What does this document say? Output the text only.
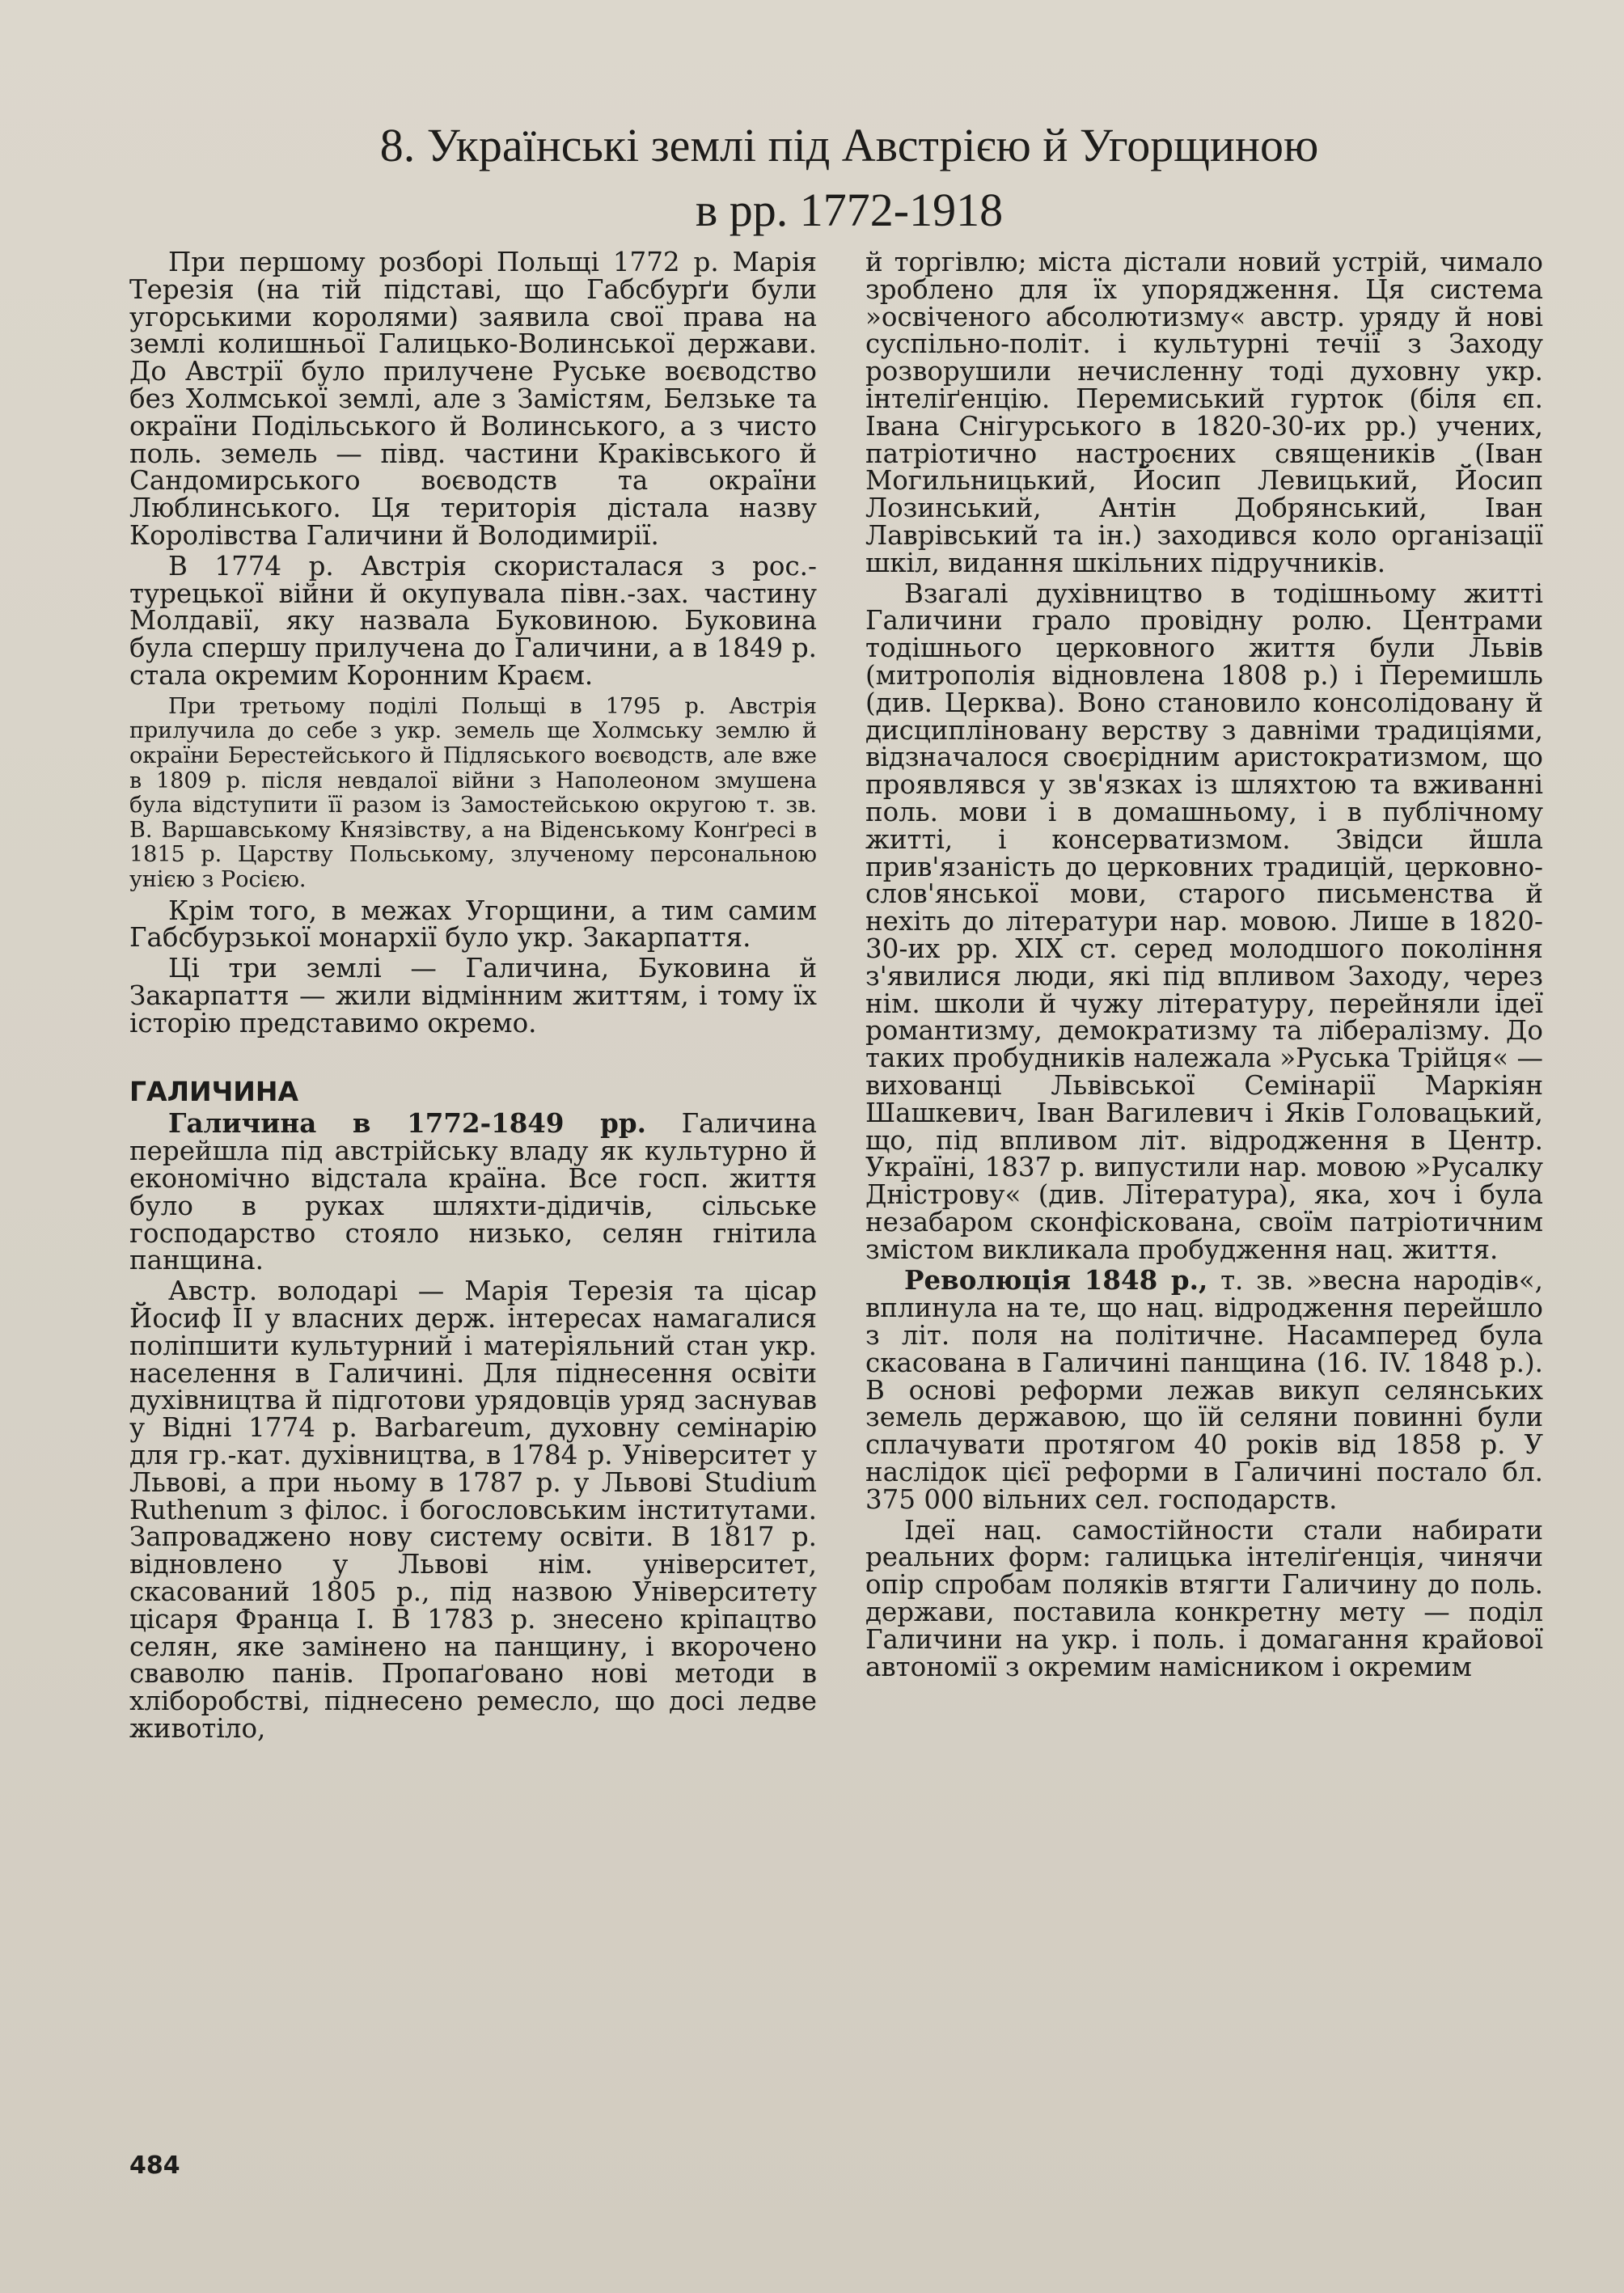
8. Українські землі під Австрією й Угорщиною
в рр. 1772-1918

При першому розборі Польщі 1772 р. Марія Терезія (на тій підставі, що Габсбурґи були угорськими королями) заявила свої права на землі колишньої Галицько-Волинської держави. До Австрії було прилучене Руське воєводство без Холмської землі, але з Замістям, Белзьке та окраїни Подільського й Волинського, а з чисто поль. земель — півд. частини Краківського й Сандомирського воєводств та окраїни Люблинського. Ця територія дістала назву Королівства Галичини й Володимирії.

В 1774 р. Австрія скористалася з рос.-турецької війни й окупувала півн.-зах. частину Молдавії, яку назвала Буковиною. Буковина була спершу прилучена до Галичини, а в 1849 р. стала окремим Коронним Краєм.

При третьому поділі Польщі в 1795 р. Австрія прилучила до себе з укр. земель ще Холмську землю й окраїни Берестейського й Підляського воєводств, але вже в 1809 р. після невдалої війни з Наполеоном змушена була відступити її разом із Замостейською округою т. зв. В. Варшавському Князівству, а на Віденському Конґресі в 1815 р. Царству Польському, злученому персональною унією з Росією.

Крім того, в межах Угорщини, а тим самим Габсбурзької монархії було укр. Закарпаття.

Ці три землі — Галичина, Буковина й Закарпаття — жили відмінним життям, і тому їх історію представимо окремо.

ГАЛИЧИНА

Галичина в 1772-1849 рр. Галичина перейшла під австрійську владу як культурно й економічно відстала країна. Все госп. життя було в руках шляхти-дідичів, сільське господарство стояло низько, селян гнітила панщина.

Австр. володарі — Марія Терезія та цісар Йосиф II у власних держ. інтересах намагалися поліпшити культурний і матеріяльний стан укр. населення в Галичині. Для піднесення освіти духівництва й підготови урядовців уряд заснував у Відні 1774 р. Barbareum, духовну семінарію для гр.-кат. духівництва, в 1784 р. Університет у Львові, а при ньому в 1787 р. у Львові Studium Ruthenum з філос. і богословським інститутами. Запроваджено нову систему освіти. В 1817 р. відновлено у Львові нім. університет, скасований 1805 р., під назвою Університету цісаря Франца I. В 1783 р. знесено кріпацтво селян, яке замінено на панщину, і вкорочено сваволю панів. Пропаґовано нові методи в хліборобстві, піднесено ремесло, що досі ледве животіло,

й торгівлю; міста дістали новий устрій, чимало зроблено для їх упорядження. Ця система »освіченого абсолютизму« австр. уряду й нові суспільно-політ. і культурні течії з Заходу розворушили нечисленну тоді духовну укр. інтеліґенцію. Перемиський гурток (біля єп. Івана Снігурського в 1820-30-их рр.) учених, патріотично настроєних священиків (Іван Могильницький, Йосип Левицький, Йосип Лозинський, Антін Добрянський, Іван Лаврівський та ін.) заходився коло організації шкіл, видання шкільних підручників.

Взагалі духівництво в тодішньому житті Галичини грало провідну ролю. Центрами тодішнього церковного життя були Львів (митрополія відновлена 1808 р.) і Перемишль (див. Церква). Воно становило консолідовану й дисципліновану верству з давніми традиціями, відзначалося своєрідним аристократизмом, що проявлявся у зв'язках із шляхтою та вживанні поль. мови і в домашньому, і в публічному житті, і консерватизмом. Звідси йшла прив'язаність до церковних традицій, церковно-слов'янської мови, старого письменства й нехіть до літератури нар. мовою. Лише в 1820-30-их рр. XIX ст. серед молодшого покоління з'явилися люди, які під впливом Заходу, через нім. школи й чужу літературу, перейняли ідеї романтизму, демократизму та лібералізму. До таких пробудників належала »Руська Трійця« — вихованці Львівської Семінарії Маркіян Шашкевич, Іван Вагилевич і Яків Головацький, що, під впливом літ. відродження в Центр. Україні, 1837 р. випустили нар. мовою »Русалку Дністрову« (див. Література), яка, хоч і була незабаром сконфіскована, своїм патріотичним змістом викликала пробудження нац. життя.

Революція 1848 р., т. зв. »весна народів«, вплинула на те, що нац. відродження перейшло з літ. поля на політичне. Насамперед була скасована в Галичині панщина (16. IV. 1848 р.). В основі реформи лежав викуп селянських земель державою, що їй селяни повинні були сплачувати протягом 40 років від 1858 р. У наслідок цієї реформи в Галичині постало бл. 375 000 вільних сел. господарств.

Ідеї нац. самостійности стали набирати реальних форм: галицька інтеліґенція, чинячи опір спробам поляків втягти Галичину до поль. держави, поставила конкретну мету — поділ Галичини на укр. і поль. і домагання крайової автономії з окремим намісником і окремим

484
